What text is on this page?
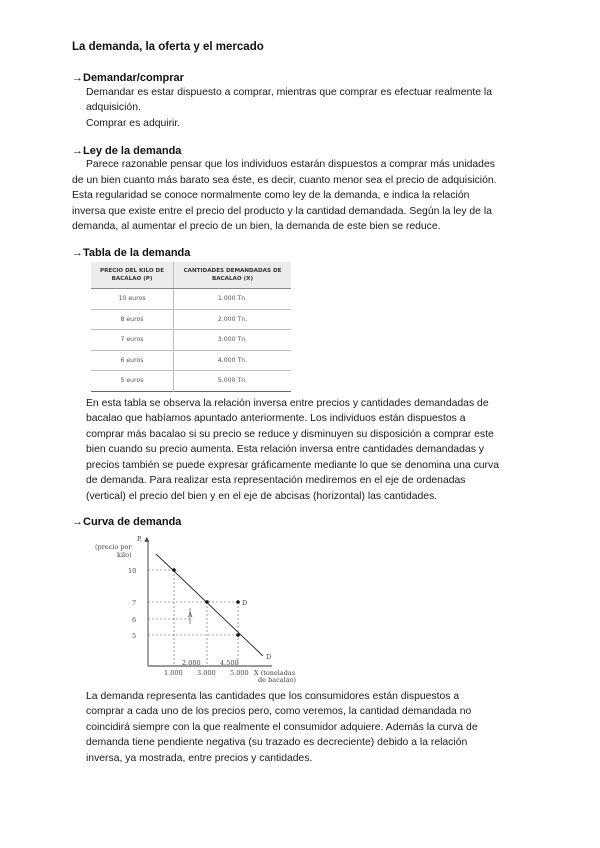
La demanda, la oferta y el mercado
→Demandar/comprar
Demandar es estar dispuesto a comprar, mientras que comprar es efectuar realmente la
adquisición.
Comprar es adquirir.
→Ley de la demanda
Parece razonable pensar que los individuos estarán dispuestos a comprar más unidades
de un bien cuanto más barato sea éste, es decir, cuanto menor sea el precio de adquisición.
Esta regularidad se conoce normalmente como ley de la demanda, e indica la relación
inversa que existe entre el precio del producto y la cantidad demandada. Según la ley de la
demanda, al aumentar el precio de un bien, la demanda de este bien se reduce.
→Tabla de la demanda
PRECIO DEL KILO DE BACALAO (P)	CANTIDADES DEMANDADAS DE BACALAO (X)
10 euros	1.000 Tn.
8 euros	2.000 Tn.
7 euros	3.000 Tn.
6 euros	4.000 Tn.
5 euros	5.000 Tn.
En esta tabla se observa la relación inversa entre precios y cantidades demandadas de
bacalao que habíamos apuntado anteriormente. Los individuos están dispuestos a
comprar más bacalao si su precio se reduce y disminuyen su disposición a comprar este
bien cuando su precio aumenta. Esta relación inversa entre cantidades demandadas y
precios también se puede expresar gráficamente mediante lo que se denomina una curva
de demanda. Para realizar esta representación mediremos en el eje de ordenadas
(vertical) el precio del bien y en el eje de abcisas (horizontal) las cantidades.
→Curva de demanda
P, ▲
(precio por
kilo)
10
7
6
5
A
D
D
2.000	4.500
1.000 3.000 5.000 X (toneladas
de bacalao)
La demanda representa las cantidades que los consumidores están dispuestos a
comprar a cada uno de los precios pero, como veremos, la cantidad demandada no
coincidirá siempre con la que realmente el consumidor adquiere. Además la curva de
demanda tiene pendiente negativa (su trazado es decreciente) debido a la relación
inversa, ya mostrada, entre precios y cantidades.
